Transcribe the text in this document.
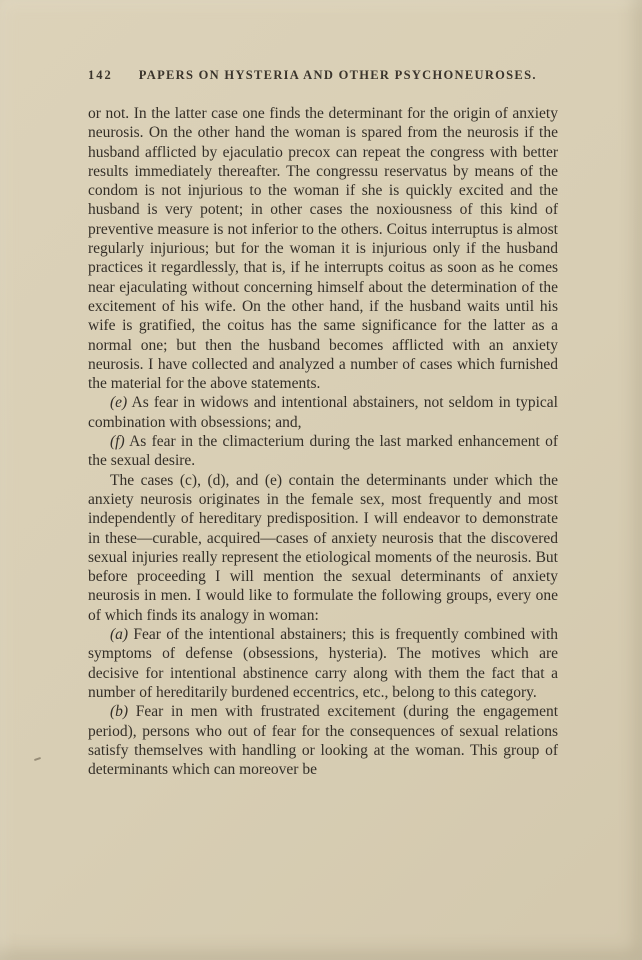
142 PAPERS ON HYSTERIA AND OTHER PSYCHONEUROSES.

or not. In the latter case one finds the determinant for the origin of anxiety neurosis. On the other hand the woman is spared from the neurosis if the husband afflicted by ejaculatio precox can repeat the congress with better results immediately thereafter. The congressu reservatus by means of the condom is not injurious to the woman if she is quickly excited and the husband is very potent; in other cases the noxiousness of this kind of preventive measure is not inferior to the others. Coitus interruptus is almost regularly injurious; but for the woman it is injurious only if the husband practices it regardlessly, that is, if he interrupts coitus as soon as he comes near ejaculating without concerning himself about the determination of the excitement of his wife. On the other hand, if the husband waits until his wife is gratified, the coitus has the same significance for the latter as a normal one; but then the husband becomes afflicted with an anxiety neurosis. I have collected and analyzed a number of cases which furnished the material for the above statements.

(e) As fear in widows and intentional abstainers, not seldom in typical combination with obsessions; and,

(f) As fear in the climacterium during the last marked enhancement of the sexual desire.

The cases (c), (d), and (e) contain the determinants under which the anxiety neurosis originates in the female sex, most frequently and most independently of hereditary predisposition. I will endeavor to demonstrate in these—curable, acquired—cases of anxiety neurosis that the discovered sexual injuries really represent the etiological moments of the neurosis. But before proceeding I will mention the sexual determinants of anxiety neurosis in men. I would like to formulate the following groups, every one of which finds its analogy in woman:

(a) Fear of the intentional abstainers; this is frequently combined with symptoms of defense (obsessions, hysteria). The motives which are decisive for intentional abstinence carry along with them the fact that a number of hereditarily burdened eccentrics, etc., belong to this category.

(b) Fear in men with frustrated excitement (during the engagement period), persons who out of fear for the consequences of sexual relations satisfy themselves with handling or looking at the woman. This group of determinants which can moreover be
